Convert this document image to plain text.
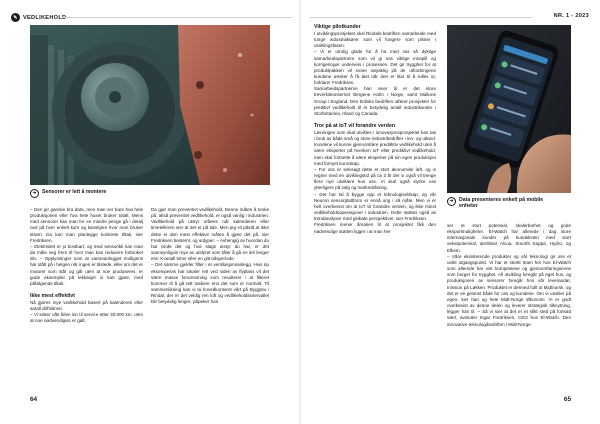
✎ VEDLIKEHOLD	NR. 1 - 2023
➔	Sensorer er lett å montere

– Den gir ganske bra data, men man ser bare hva hele produksjonen eller hva hele huset bruker totalt. Mens med sensorer kan man for en mindre penge gå i detalj ned på hver enkelt kurs og kanskjere hvor man bruker strøm. Da kan man planlegge konkrete tiltak, sier Fredriksen.

– Elektrisitet er jo kostbart, og med sensorikk kan man da måle seg frem til hvor man kan redusere forbruket sitt. – Opplysninger som at varmeanlegget mulligens har stått på i helgen når ingen er tilstede, eller om det er motorer som står og går uten at noe produseres, er gode eksempler på lekkasjer vi kan gjøre, med påfølgende tiltak.

Ikke mest effektivt

Nå gjøres mye vedlikehold basert på kalenderen eller antall driftstimer.

– Vi setter ofte bilen inn til service etter 30.000 km, uten at noe nødvendigvis er galt.

Da gjør man preventivt vedlikehold. Denne måten å tenke på, altså preventivt vedlikehold, er også vanlig i industrien. Vedlikehold på utstyr utføres når kalenderen eller timetelleren sier at det er på tide. Men jeg vil påstå at ikke dette er den mest effektive måten å gjøre det på, sier Fredriksen bestemt, og utdyper: – Avhengig av hvordan du har brukt det og hva slags utstyr du har, er det sannsynligvis mye av utstyret som tåler å gå en del lenger enn X-antall timer eller en gitt tidsperiode.

– Det samme gjelder filter i et ventilasjonsanlegg. Hvis du eksempelvis har lokaler rett ved siden av flyplass vil det være masse forurensning som resulterer i at filteret kommer til å gå tett raskere enn det som er normalt. Til sammenlikning kan vi ta hovedkontoret vårt på Byggstu i Rindal, der er det veldig ren luft og vedlikeholdsintervallet blir betydelig lengre, påpeker han.

64
Viktige pilotkunder

I utviklingsprosjektet skal Rindals-bedriften samarbeide med tunge industriaktører som vil fungere som piloter i utviklingsfasen.

– Vi er utrolig glade for å ha med oss så dyktige samarbeidspartnere som vil gi oss viktige innspill og korrigeringer underveis i prosessen. Det gir trygghet for at produktpakken vil svare nøyaktig på de utfordringene kundene ønsker å få løst når den er klar til å rulles ut, forklarer Fredriksen.

Samarbeidspartnerne han viser til er det store treverkskonsernet Bergene Holm i Norge, samt Mallone Group i England. Den britiske bedriften utfører prosjekter for preditivt vedlikehold til et betydelig antall industrikunder i Storbritannia, Irland og Canada.

Tror på at IoT vil forandre verden

Løsningen som skal utvikles i innovasjonsprosjektet kan tas i bruk av både små og store industribedrifter i inn- og utland. Kundene vil kunne gjennomføre preditktiv vedlikehold uten å være eksperter på hverken IoT eller prediktivt vedlikehold, men skal fortsette å være eksperter på sin egen produksjon med fornyet kunnskap.

– For oss er selvsagt dette et stort økonomisk løft, og vi regner med en utviklingstid på ca 3 år der vi også vil trenge flere nye utviklere hos oss. Vi skal også styrke oss ytterligere på salg og markedsføring.

– Det har tid å bygge opp et teknologiselskap, og vår Neuron sensorplattform er ennå ung i så måte. Men vi er helt overbevist om at IoT vil forandre verden, og ikke minst vedlikeholdsoperasjoner i industrien. Dette støttes også av trendanalyser med globale perspektiver, sier Fredriksen.

Fredriksen mener årsaken til at prosjektet fikk den nødvendige støtten ligger i at man her

➔	Data presenteres enkelt på mobile enheter

ser et stort potensial, skalerbarhet og gode eksportmuligheter. El-Watch har allerede i dag store internasjonale kunder på kundelisten med stort vekstpotensial, deriblant Alcoa, Smurfit Kappa, Hydro, og Elkem.

– Våre eksisterende produkter og vår teknologi gir oss et unikt utgangspunkt. Vi har et sterkt team her hos El-Watch som allerede har vist kompetanse og gjennomføringsevne som borger for trygghet. All utvikling foregår på eget hus, og produksjonen av sensorer foregår hos vår leverandør, Inission på Løkken. Produktet er dermed fullt ut Midtnorsk, og det er en gevinst både for oss og kundene. Om vi utvikler på egen, sier han og hele Midt-Norge Økonomi. Vi er godt overbevist av denne delen og leverer strategisk tilknytning, legger han til. – Så vi sier at det er et slikt sted på fortsatt vært, avslutter Ingar Fredriksen, CEO hos El-Watch. Den innovative teknologibedriften i Midt-Norge.

65
